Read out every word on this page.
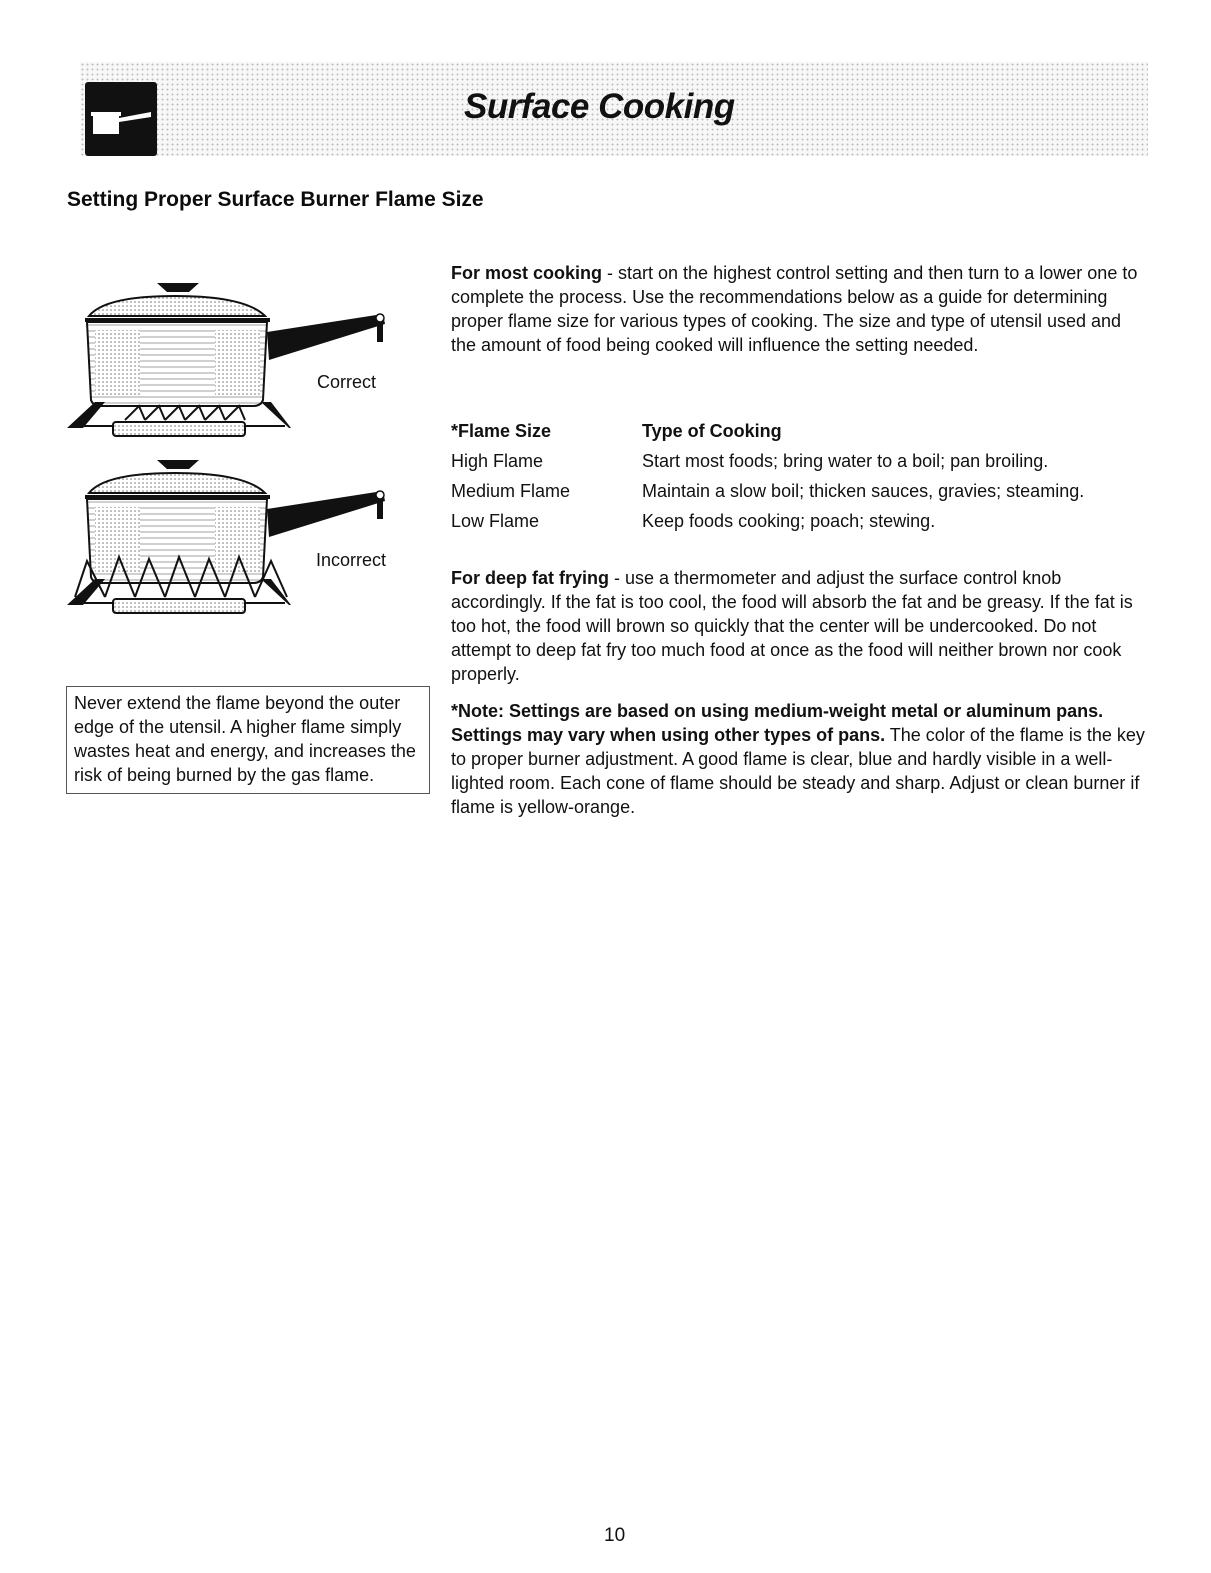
Surface Cooking
Setting Proper Surface Burner Flame Size
Correct
Incorrect
Never extend the flame beyond the outer edge of the utensil. A higher flame simply wastes heat and energy, and increases the risk of being burned by the gas flame.

For most cooking - start on the highest control setting and then turn to a lower one to complete the process. Use the recommendations below as a guide for determining proper flame size for various types of cooking. The size and type of utensil used and the amount of food being cooked will influence the setting needed.

*Flame Size	Type of Cooking
High Flame	Start most foods; bring water to a boil; pan broiling.
Medium Flame	Maintain a slow boil; thicken sauces, gravies; steaming.
Low Flame	Keep foods cooking; poach; stewing.

For deep fat frying - use a thermometer and adjust the surface control knob accordingly. If the fat is too cool, the food will absorb the fat and be greasy. If the fat is too hot, the food will brown so quickly that the center will be undercooked. Do not attempt to deep fat fry too much food at once as the food will neither brown nor cook properly.

*Note: Settings are based on using medium-weight metal or aluminum pans. Settings may vary when using other types of pans. The color of the flame is the key to proper burner adjustment. A good flame is clear, blue and hardly visible in a well-lighted room. Each cone of flame should be steady and sharp. Adjust or clean burner if flame is yellow-orange.

10
